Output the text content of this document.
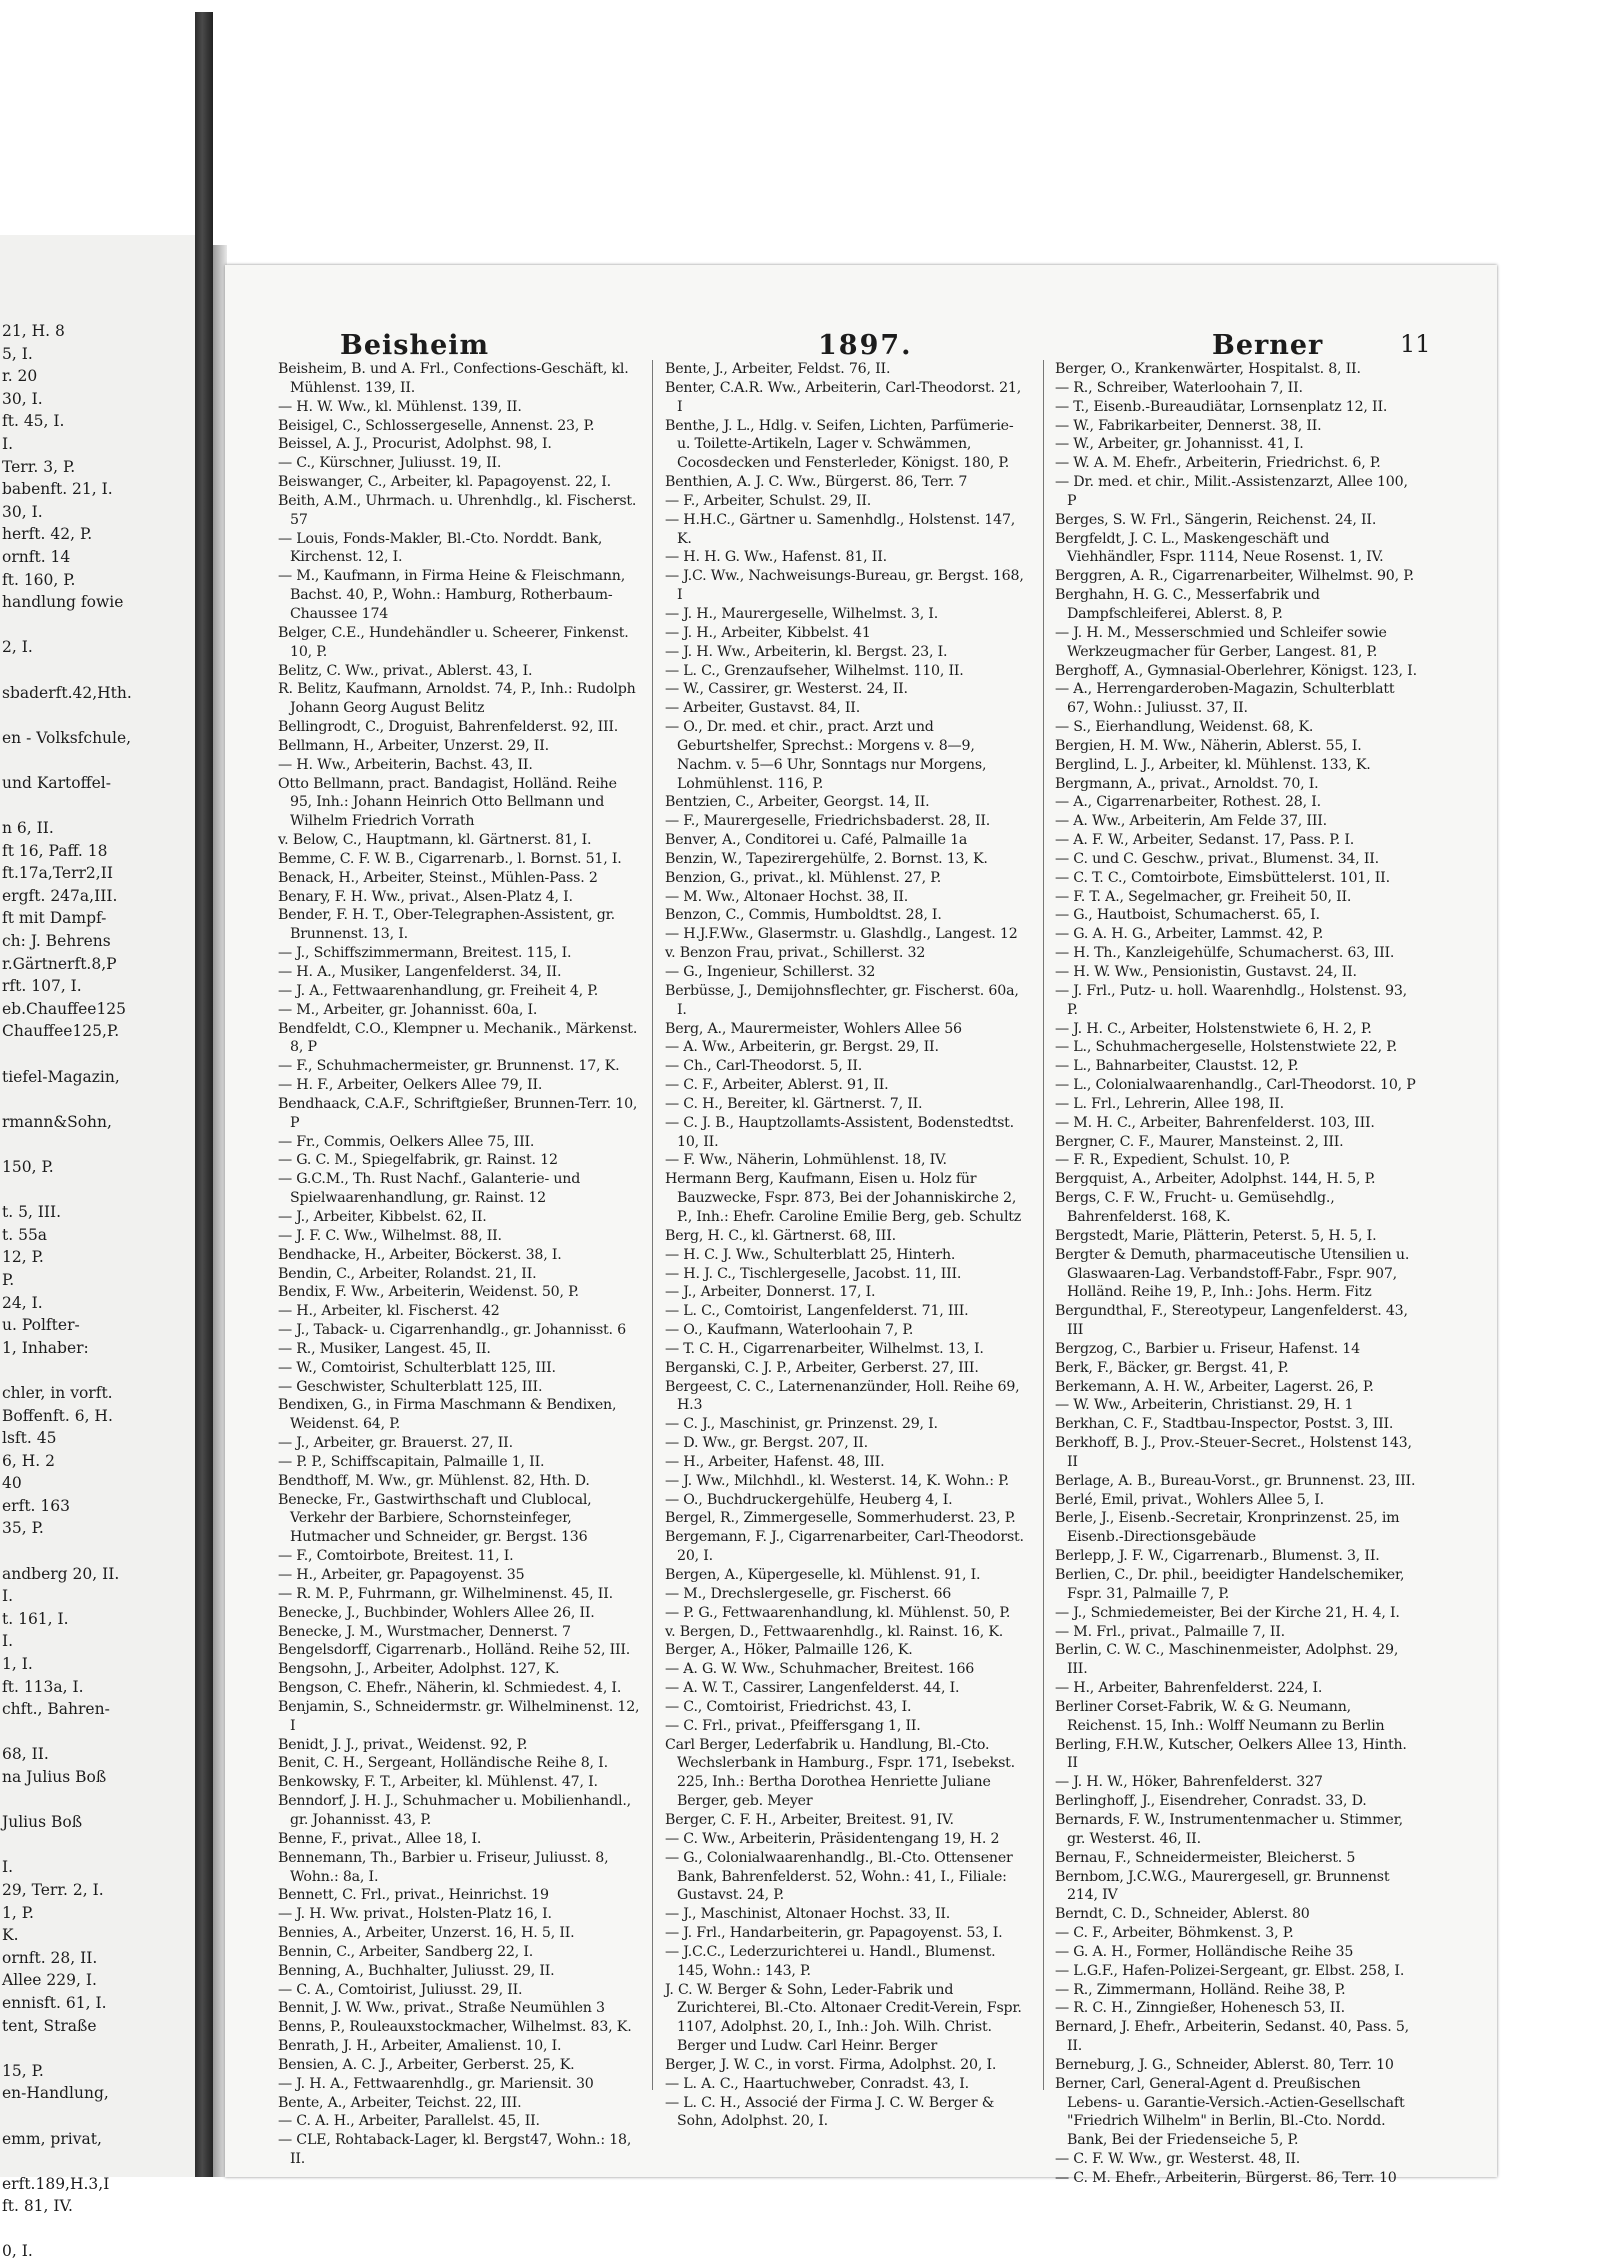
21, H. 8
5, I.
r. 20
30, I.
ft. 45, I.
I.
Terr. 3, P.
babenft. 21, I.
30, I.
herft. 42, P.
ornft. 14
ft. 160, P.
handlung fowie
2, I.
sbaderft.42,Hth.
en - Volksfchule,
und Kartoffel-
n 6, II.
ft 16, Paff. 18
ft.17a,Terr2,II
ergft. 247a,III.
ft mit Dampf-
ch: J. Behrens
r.Gärtnerft.8,P
rft. 107, I.
eb.Chauffee125
Chauffee125,P.
tiefel-Magazin,
rmann&Sohn,
150, P.
t. 5, III.
t. 55a
12, P.
P.
24, I.
u. Polfter-
1, Inhaber:
chler, in vorft.
Boffenft. 6, H.
lsft. 45
6, H. 2
40
erft. 163
35, P.
andberg 20, II.
I.
t. 161, I.
I.
1, I.
ft. 113a, I.
chft., Bahren-
68, II.
na Julius Boß
Julius Boß
I.
29, Terr. 2, I.
1, P.
K.
ornft. 28, II.
Allee 229, I.
ennisft. 61, I.
tent, Straße
15, P.
en-Handlung,
emm, privat,
erft.189,H.3,I
ft. 81, IV.
0, I.
Beisheim	1897.	Berner	11

Beisheim, B. und A. Frl., Confections-Geschäft, kl. Mühlenst. 139, II.

— H. W. Ww., kl. Mühlenst. 139, II.

Beisigel, C., Schlossergeselle, Annenst. 23, P.

Beissel, A. J., Procurist, Adolphst. 98, I.

— C., Kürschner, Juliusst. 19, II.

Beiswanger, C., Arbeiter, kl. Papagoyenst. 22, I.

Beith, A.M., Uhrmach. u. Uhrenhdlg., kl. Fischerst. 57

— Louis, Fonds-Makler, Bl.-Cto. Norddt. Bank, Kirchenst. 12, I.

— M., Kaufmann, in Firma Heine & Fleischmann, Bachst. 40, P., Wohn.: Hamburg, Rotherbaum-Chaussee 174

Belger, C.E., Hundehändler u. Scheerer, Finkenst. 10, P.

Belitz, C. Ww., privat., Ablerst. 43, I.

R. Belitz, Kaufmann, Arnoldst. 74, P., Inh.: Rudolph Johann Georg August Belitz

Bellingrodt, C., Droguist, Bahrenfelderst. 92, III.

Bellmann, H., Arbeiter, Unzerst. 29, II.

— H. Ww., Arbeiterin, Bachst. 43, II.

Otto Bellmann, pract. Bandagist, Holländ. Reihe 95, Inh.: Johann Heinrich Otto Bellmann und Wilhelm Friedrich Vorrath

v. Below, C., Hauptmann, kl. Gärtnerst. 81, I.

Bemme, C. F. W. B., Cigarrenarb., l. Bornst. 51, I.

Benack, H., Arbeiter, Steinst., Mühlen-Pass. 2

Benary, F. H. Ww., privat., Alsen-Platz 4, I.

Bender, F. H. T., Ober-Telegraphen-Assistent, gr. Brunnenst. 13, I.

— J., Schiffszimmermann, Breitest. 115, I.

— H. A., Musiker, Langenfelderst. 34, II.

— J. A., Fettwaarenhandlung, gr. Freiheit 4, P.

— M., Arbeiter, gr. Johannisst. 60a, I.

Bendfeldt, C.O., Klempner u. Mechanik., Märkenst. 8, P

— F., Schuhmachermeister, gr. Brunnenst. 17, K.

— H. F., Arbeiter, Oelkers Allee 79, II.

Bendhaack, C.A.F., Schriftgießer, Brunnen-Terr. 10, P

— Fr., Commis, Oelkers Allee 75, III.

— G. C. M., Spiegelfabrik, gr. Rainst. 12

— G.C.M., Th. Rust Nachf., Galanterie- und Spielwaarenhandlung, gr. Rainst. 12

— J., Arbeiter, Kibbelst. 62, II.

— J. F. C. Ww., Wilhelmst. 88, II.

Bendhacke, H., Arbeiter, Böckerst. 38, I.

Bendin, C., Arbeiter, Rolandst. 21, II.

Bendix, F. Ww., Arbeiterin, Weidenst. 50, P.

— H., Arbeiter, kl. Fischerst. 42

— J., Taback- u. Cigarrenhandlg., gr. Johannisst. 6

— R., Musiker, Langest. 45, II.

— W., Comtoirist, Schulterblatt 125, III.

— Geschwister, Schulterblatt 125, III.

Bendixen, G., in Firma Maschmann & Bendixen, Weidenst. 64, P.

— J., Arbeiter, gr. Brauerst. 27, II.

— P. P., Schiffscapitain, Palmaille 1, II.

Bendthoff, M. Ww., gr. Mühlenst. 82, Hth. D.

Benecke, Fr., Gastwirthschaft und Clublocal, Verkehr der Barbiere, Schornsteinfeger, Hutmacher und Schneider, gr. Bergst. 136

— F., Comtoirbote, Breitest. 11, I.

— H., Arbeiter, gr. Papagoyenst. 35

— R. M. P., Fuhrmann, gr. Wilhelminenst. 45, II.

Benecke, J., Buchbinder, Wohlers Allee 26, II.

Benecke, J. M., Wurstmacher, Dennerst. 7

Bengelsdorff, Cigarrenarb., Holländ. Reihe 52, III.

Bengsohn, J., Arbeiter, Adolphst. 127, K.

Bengson, C. Ehefr., Näherin, kl. Schmiedest. 4, I.

Benjamin, S., Schneidermstr. gr. Wilhelminenst. 12, I

Benidt, J. J., privat., Weidenst. 92, P.

Benit, C. H., Sergeant, Holländische Reihe 8, I.

Benkowsky, F. T., Arbeiter, kl. Mühlenst. 47, I.

Benndorf, J. H. J., Schuhmacher u. Mobilienhandl., gr. Johannisst. 43, P.

Benne, F., privat., Allee 18, I.

Bennemann, Th., Barbier u. Friseur, Juliusst. 8, Wohn.: 8a, I.

Bennett, C. Frl., privat., Heinrichst. 19

— J. H. Ww. privat., Holsten-Platz 16, I.

Bennies, A., Arbeiter, Unzerst. 16, H. 5, II.

Bennin, C., Arbeiter, Sandberg 22, I.

Benning, A., Buchhalter, Juliusst. 29, II.

— C. A., Comtoirist, Juliusst. 29, II.

Bennit, J. W. Ww., privat., Straße Neumühlen 3

Benns, P., Rouleauxstockmacher, Wilhelmst. 83, K.

Benrath, J. H., Arbeiter, Amalienst. 10, I.

Bensien, A. C. J., Arbeiter, Gerberst. 25, K.

— J. H. A., Fettwaarenhdlg., gr. Mariensit. 30

Bente, A., Arbeiter, Teichst. 22, III.

— C. A. H., Arbeiter, Parallelst. 45, II.

— CLE, Rohtaback-Lager, kl. Bergst47, Wohn.: 18, II.

Bente, J., Arbeiter, Feldst. 76, II.

Benter, C.A.R. Ww., Arbeiterin, Carl-Theodorst. 21, I

Benthe, J. L., Hdlg. v. Seifen, Lichten, Parfümerie- u. Toilette-Artikeln, Lager v. Schwämmen, Cocosdecken und Fensterleder, Königst. 180, P.

Benthien, A. J. C. Ww., Bürgerst. 86, Terr. 7

— F., Arbeiter, Schulst. 29, II.

— H.H.C., Gärtner u. Samenhdlg., Holstenst. 147, K.

— H. H. G. Ww., Hafenst. 81, II.

— J.C. Ww., Nachweisungs-Bureau, gr. Bergst. 168, I

— J. H., Maurergeselle, Wilhelmst. 3, I.

— J. H., Arbeiter, Kibbelst. 41

— J. H. Ww., Arbeiterin, kl. Bergst. 23, I.

— L. C., Grenzaufseher, Wilhelmst. 110, II.

— W., Cassirer, gr. Westerst. 24, II.

— Arbeiter, Gustavst. 84, II.

— O., Dr. med. et chir., pract. Arzt und Geburtshelfer, Sprechst.: Morgens v. 8—9, Nachm. v. 5—6 Uhr, Sonntags nur Morgens, Lohmühlenst. 116, P.

Bentzien, C., Arbeiter, Georgst. 14, II.

— F., Maurergeselle, Friedrichsbaderst. 28, II.

Benver, A., Conditorei u. Café, Palmaille 1a

Benzin, W., Tapezirergehülfe, 2. Bornst. 13, K.

Benzion, G., privat., kl. Mühlenst. 27, P.

— M. Ww., Altonaer Hochst. 38, II.

Benzon, C., Commis, Humboldtst. 28, I.

— H.J.F.Ww., Glasermstr. u. Glashdlg., Langest. 12

v. Benzon Frau, privat., Schillerst. 32

— G., Ingenieur, Schillerst. 32

Berbüsse, J., Demijohnsflechter, gr. Fischerst. 60a, I.

Berg, A., Maurermeister, Wohlers Allee 56

— A. Ww., Arbeiterin, gr. Bergst. 29, II.

— Ch., Carl-Theodorst. 5, II.

— C. F., Arbeiter, Ablerst. 91, II.

— C. H., Bereiter, kl. Gärtnerst. 7, II.

— C. J. B., Hauptzollamts-Assistent, Bodenstedtst. 10, II.

— F. Ww., Näherin, Lohmühlenst. 18, IV.

Hermann Berg, Kaufmann, Eisen u. Holz für Bauzwecke, Fspr. 873, Bei der Johanniskirche 2, P., Inh.: Ehefr. Caroline Emilie Berg, geb. Schultz

Berg, H. C., kl. Gärtnerst. 68, III.

— H. C. J. Ww., Schulterblatt 25, Hinterh.

— H. J. C., Tischlergeselle, Jacobst. 11, III.

— J., Arbeiter, Donnerst. 17, I.

— L. C., Comtoirist, Langenfelderst. 71, III.

— O., Kaufmann, Waterloohain 7, P.

— T. C. H., Cigarrenarbeiter, Wilhelmst. 13, I.

Berganski, C. J. P., Arbeiter, Gerberst. 27, III.

Bergeest, C. C., Laternenanzünder, Holl. Reihe 69, H.3

— C. J., Maschinist, gr. Prinzenst. 29, I.

— D. Ww., gr. Bergst. 207, II.

— H., Arbeiter, Hafenst. 48, III.

— J. Ww., Milchhdl., kl. Westerst. 14, K. Wohn.: P.

— O., Buchdruckergehülfe, Heuberg 4, I.

Bergel, R., Zimmergeselle, Sommerhuderst. 23, P.

Bergemann, F. J., Cigarrenarbeiter, Carl-Theodorst. 20, I.

Bergen, A., Küpergeselle, kl. Mühlenst. 91, I.

— M., Drechslergeselle, gr. Fischerst. 66

— P. G., Fettwaarenhandlung, kl. Mühlenst. 50, P.

v. Bergen, D., Fettwaarenhdlg., kl. Rainst. 16, K.

Berger, A., Höker, Palmaille 126, K.

— A. G. W. Ww., Schuhmacher, Breitest. 166

— A. W. T., Cassirer, Langenfelderst. 44, I.

— C., Comtoirist, Friedrichst. 43, I.

— C. Frl., privat., Pfeiffersgang 1, II.

Carl Berger, Lederfabrik u. Handlung, Bl.-Cto. Wechslerbank in Hamburg., Fspr. 171, Isebekst. 225, Inh.: Bertha Dorothea Henriette Juliane Berger, geb. Meyer

Berger, C. F. H., Arbeiter, Breitest. 91, IV.

— C. Ww., Arbeiterin, Präsidentengang 19, H. 2

— G., Colonialwaarenhandlg., Bl.-Cto. Ottensener Bank, Bahrenfelderst. 52, Wohn.: 41, I., Filiale: Gustavst. 24, P.

— J., Maschinist, Altonaer Hochst. 33, II.

— J. Frl., Handarbeiterin, gr. Papagoyenst. 53, I.

— J.C.C., Lederzurichterei u. Handl., Blumenst. 145, Wohn.: 143, P.

J. C. W. Berger & Sohn, Leder-Fabrik und Zurichterei, Bl.-Cto. Altonaer Credit-Verein, Fspr. 1107, Adolphst. 20, I., Inh.: Joh. Wilh. Christ. Berger und Ludw. Carl Heinr. Berger

Berger, J. W. C., in vorst. Firma, Adolphst. 20, I.

— L. A. C., Haartuchweber, Conradst. 43, I.

— L. C. H., Associé der Firma J. C. W. Berger & Sohn, Adolphst. 20, I.

Berger, O., Krankenwärter, Hospitalst. 8, II.

— R., Schreiber, Waterloohain 7, II.

— T., Eisenb.-Bureaudiätar, Lornsenplatz 12, II.

— W., Fabrikarbeiter, Dennerst. 38, II.

— W., Arbeiter, gr. Johannisst. 41, I.

— W. A. M. Ehefr., Arbeiterin, Friedrichst. 6, P.

— Dr. med. et chir., Milit.-Assistenzarzt, Allee 100, P

Berges, S. W. Frl., Sängerin, Reichenst. 24, II.

Bergfeldt, J. C. L., Maskengeschäft und Viehhändler, Fspr. 1114, Neue Rosenst. 1, IV.

Berggren, A. R., Cigarrenarbeiter, Wilhelmst. 90, P.

Berghahn, H. G. C., Messerfabrik und Dampfschleiferei, Ablerst. 8, P.

— J. H. M., Messerschmied und Schleifer sowie Werkzeugmacher für Gerber, Langest. 81, P.

Berghoff, A., Gymnasial-Oberlehrer, Königst. 123, I.

— A., Herrengarderoben-Magazin, Schulterblatt 67, Wohn.: Juliusst. 37, II.

— S., Eierhandlung, Weidenst. 68, K.

Bergien, H. M. Ww., Näherin, Ablerst. 55, I.

Berglind, L. J., Arbeiter, kl. Mühlenst. 133, K.

Bergmann, A., privat., Arnoldst. 70, I.

— A., Cigarrenarbeiter, Rothest. 28, I.

— A. Ww., Arbeiterin, Am Felde 37, III.

— A. F. W., Arbeiter, Sedanst. 17, Pass. P. I.

— C. und C. Geschw., privat., Blumenst. 34, II.

— C. T. C., Comtoirbote, Eimsbüttelerst. 101, II.

— F. T. A., Segelmacher, gr. Freiheit 50, II.

— G., Hautboist, Schumacherst. 65, I.

— G. A. H. G., Arbeiter, Lammst. 42, P.

— H. Th., Kanzleigehülfe, Schumacherst. 63, III.

— H. W. Ww., Pensionistin, Gustavst. 24, II.

— J. Frl., Putz- u. holl. Waarenhdlg., Holstenst. 93, P.

— J. H. C., Arbeiter, Holstenstwiete 6, H. 2, P.

— L., Schuhmachergeselle, Holstenstwiete 22, P.

— L., Bahnarbeiter, Claustst. 12, P.

— L., Colonialwaarenhandlg., Carl-Theodorst. 10, P

— L. Frl., Lehrerin, Allee 198, II.

— M. H. C., Arbeiter, Bahrenfelderst. 103, III.

Bergner, C. F., Maurer, Mansteinst. 2, III.

— F. R., Expedient, Schulst. 10, P.

Bergquist, A., Arbeiter, Adolphst. 144, H. 5, P.

Bergs, C. F. W., Frucht- u. Gemüsehdlg., Bahrenfelderst. 168, K.

Bergstedt, Marie, Plätterin, Peterst. 5, H. 5, I.

Bergter & Demuth, pharmaceutische Utensilien u. Glaswaaren-Lag. Verbandstoff-Fabr., Fspr. 907, Holländ. Reihe 19, P., Inh.: Johs. Herm. Fitz

Bergundthal, F., Stereotypeur, Langenfelderst. 43, III

Bergzog, C., Barbier u. Friseur, Hafenst. 14

Berk, F., Bäcker, gr. Bergst. 41, P.

Berkemann, A. H. W., Arbeiter, Lagerst. 26, P.

— W. Ww., Arbeiterin, Christianst. 29, H. 1

Berkhan, C. F., Stadtbau-Inspector, Postst. 3, III.

Berkhoff, B. J., Prov.-Steuer-Secret., Holstenst 143, II

Berlage, A. B., Bureau-Vorst., gr. Brunnenst. 23, III.

Berlé, Emil, privat., Wohlers Allee 5, I.

Berle, J., Eisenb.-Secretair, Kronprinzenst. 25, im Eisenb.-Directionsgebäude

Berlepp, J. F. W., Cigarrenarb., Blumenst. 3, II.

Berlien, C., Dr. phil., beeidigter Handelschemiker, Fspr. 31, Palmaille 7, P.

— J., Schmiedemeister, Bei der Kirche 21, H. 4, I.

— M. Frl., privat., Palmaille 7, II.

Berlin, C. W. C., Maschinenmeister, Adolphst. 29, III.

— H., Arbeiter, Bahrenfelderst. 224, I.

Berliner Corset-Fabrik, W. & G. Neumann, Reichenst. 15, Inh.: Wolff Neumann zu Berlin

Berling, F.H.W., Kutscher, Oelkers Allee 13, Hinth. II

— J. H. W., Höker, Bahrenfelderst. 327

Berlinghoff, J., Eisendreher, Conradst. 33, D.

Bernards, F. W., Instrumentenmacher u. Stimmer, gr. Westerst. 46, II.

Bernau, F., Schneidermeister, Bleicherst. 5

Bernbom, J.C.W.G., Maurergesell, gr. Brunnenst 214, IV

Berndt, C. D., Schneider, Ablerst. 80

— C. F., Arbeiter, Böhmkenst. 3, P.

— G. A. H., Former, Holländische Reihe 35

— L.G.F., Hafen-Polizei-Sergeant, gr. Elbst. 258, I.

— R., Zimmermann, Holländ. Reihe 38, P.

— R. C. H., Zinngießer, Hohenesch 53, II.

Bernard, J. Ehefr., Arbeiterin, Sedanst. 40, Pass. 5, II.

Berneburg, J. G., Schneider, Ablerst. 80, Terr. 10

Berner, Carl, General-Agent d. Preußischen Lebens- u. Garantie-Versich.-Actien-Gesellschaft "Friedrich Wilhelm" in Berlin, Bl.-Cto. Nordd. Bank, Bei der Friedenseiche 5, P.

— C. F. W. Ww., gr. Westerst. 48, II.

— C. M. Ehefr., Arbeiterin, Bürgerst. 86, Terr. 10
